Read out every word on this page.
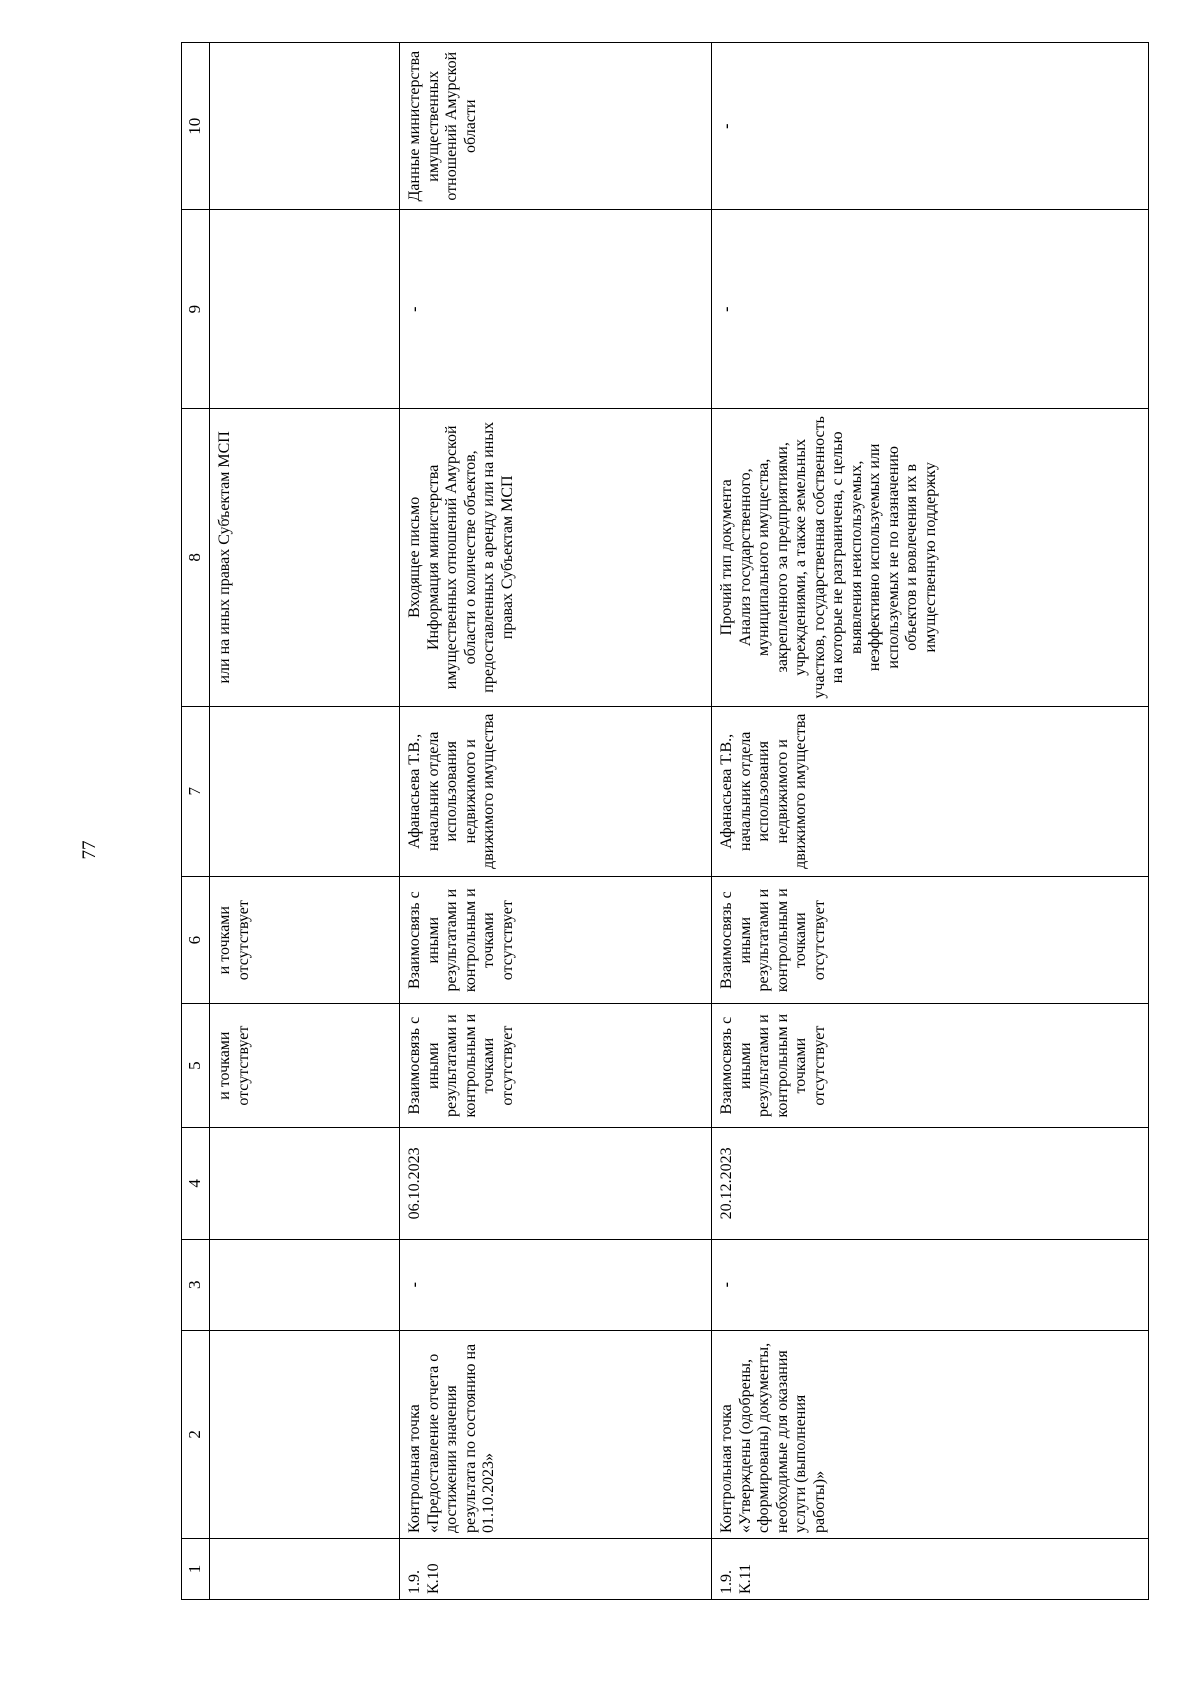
77
1	2	3	4	5	6	7	8	9	10
				и точками отсутствует	и точками отсутствует		или на иных правах Субъектам МСП		
1.9. К.10	Контрольная точка «Предоставление отчета о достижении значения результата по состоянию на 01.10.2023»	-	06.10.2023	Взаимосвязь с иными результатами и контрольным и точками отсутствует	Взаимосвязь с иными результатами и контрольным и точками отсутствует	Афанасьева Т.В., начальник отдела использования недвижимого и движимого имущества	Входящее письмо Информация министерства имущественных отношений Амурской области о количестве объектов, предоставленных в аренду или на иных правах Субъектам МСП	-	Данные министерства имущественных отношений Амурской области
1.9. К.11	Контрольная точка «Утверждены (одобрены, сформированы) документы, необходимые для оказания услуги (выполнения работы)»	-	20.12.2023	Взаимосвязь с иными результатами и контрольным и точками отсутствует	Взаимосвязь с иными результатами и контрольным и точками отсутствует	Афанасьева Т.В., начальник отдела использования недвижимого и движимого имущества	Прочий тип документа Анализ государственного, муниципального имущества, закрепленного за предприятиями, учреждениями, а также земельных участков, государственная собственность на которые не разграничена, с целью выявления неиспользуемых, неэффективно используемых или используемых не по назначению объектов и вовлечения их в имущественную поддержку	-	-
